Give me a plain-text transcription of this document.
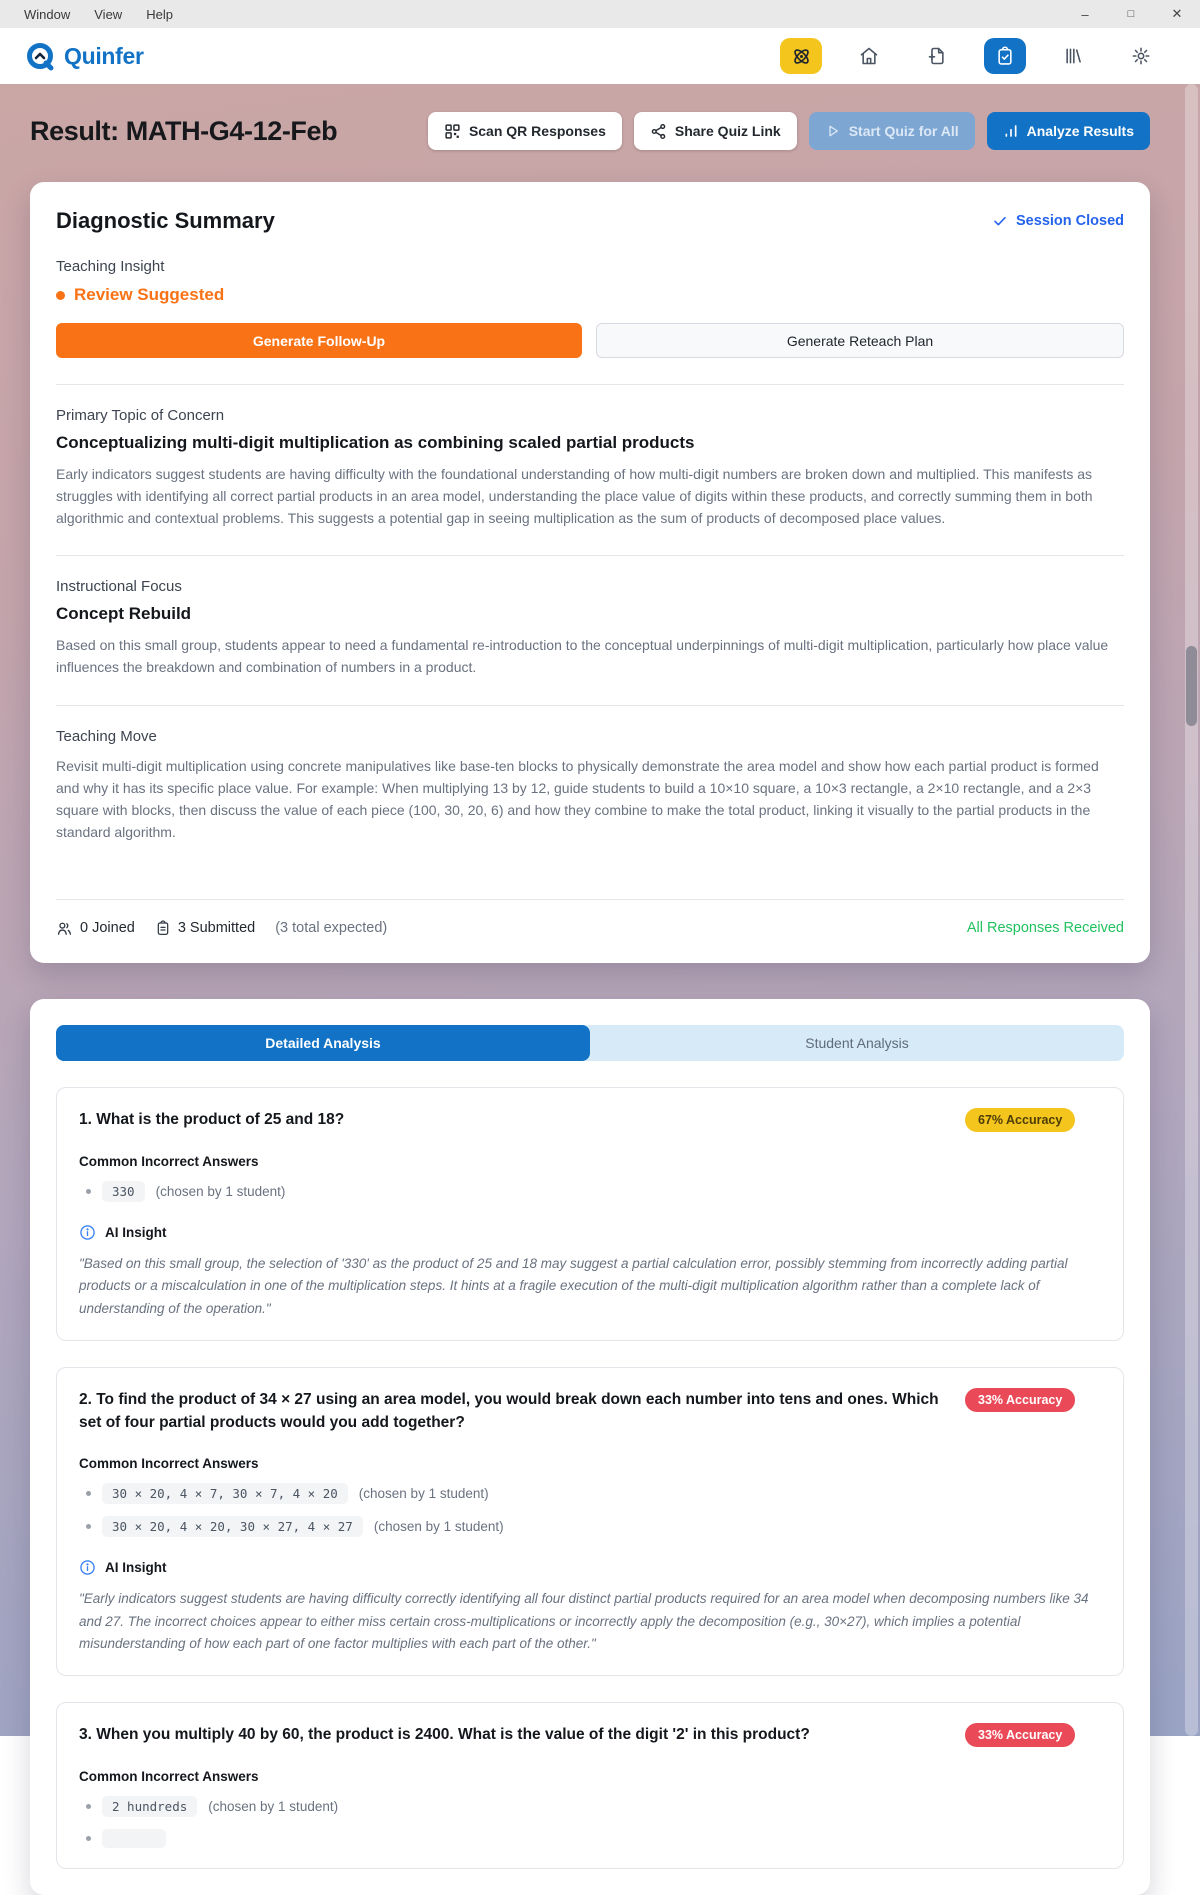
Window	View	Help	–	□	✕
Quinfer
Result: MATH-G4-12-Feb	Scan QR Responses	Share Quiz Link	Start Quiz for All	Analyze Results
Diagnostic Summary	Session Closed
Teaching Insight
Review Suggested
Generate Follow-Up	Generate Reteach Plan
Primary Topic of Concern
Conceptualizing multi-digit multiplication as combining scaled partial products

Early indicators suggest students are having difficulty with the foundational understanding of how multi-digit numbers are broken down and multiplied. This manifests as struggles with identifying all correct partial products in an area model, understanding the place value of digits within these products, and correctly summing them in both algorithmic and contextual problems. This suggests a potential gap in seeing multiplication as the sum of products of decomposed place values.

Instructional Focus
Concept Rebuild

Based on this small group, students appear to need a fundamental re-introduction to the conceptual underpinnings of multi-digit multiplication, particularly how place value influences the breakdown and combination of numbers in a product.

Teaching Move

Revisit multi-digit multiplication using concrete manipulatives like base-ten blocks to physically demonstrate the area model and show how each partial product is formed and why it has its specific place value. For example: When multiplying 13 by 12, guide students to build a 10×10 square, a 10×3 rectangle, a 2×10 rectangle, and a 2×3 square with blocks, then discuss the value of each piece (100, 30, 20, 6) and how they combine to make the total product, linking it visually to the partial products in the standard algorithm.

0 Joined	3 Submitted (3 total expected)	All Responses Received
Detailed Analysis	Student Analysis
1. What is the product of 25 and 18?	67% Accuracy
Common Incorrect Answers
330	(chosen by 1 student)
AI Insight

"Based on this small group, the selection of '330' as the product of 25 and 18 may suggest a partial calculation error, possibly stemming from incorrectly adding partial products or a miscalculation in one of the multiplication steps. It hints at a fragile execution of the multi-digit multiplication algorithm rather than a complete lack of understanding of the operation."

2. To find the product of 34 × 27 using an area model, you would break down each number into tens and ones. Which set of four partial products would you add together?
33% Accuracy
Common Incorrect Answers
30 × 20, 4 × 7, 30 × 7, 4 × 20	(chosen by 1 student)
30 × 20, 4 × 20, 30 × 27, 4 × 27	(chosen by 1 student)
AI Insight

"Early indicators suggest students are having difficulty correctly identifying all four distinct partial products required for an area model when decomposing numbers like 34 and 27. The incorrect choices appear to either miss certain cross-multiplications or incorrectly apply the decomposition (e.g., 30×27), which implies a potential misunderstanding of how each part of one factor multiplies with each part of the other."

3. When you multiply 40 by 60, the product is 2400. What is the value of the digit '2' in this product?	33% Accuracy
Common Incorrect Answers
2 hundreds	(chosen by 1 student)
